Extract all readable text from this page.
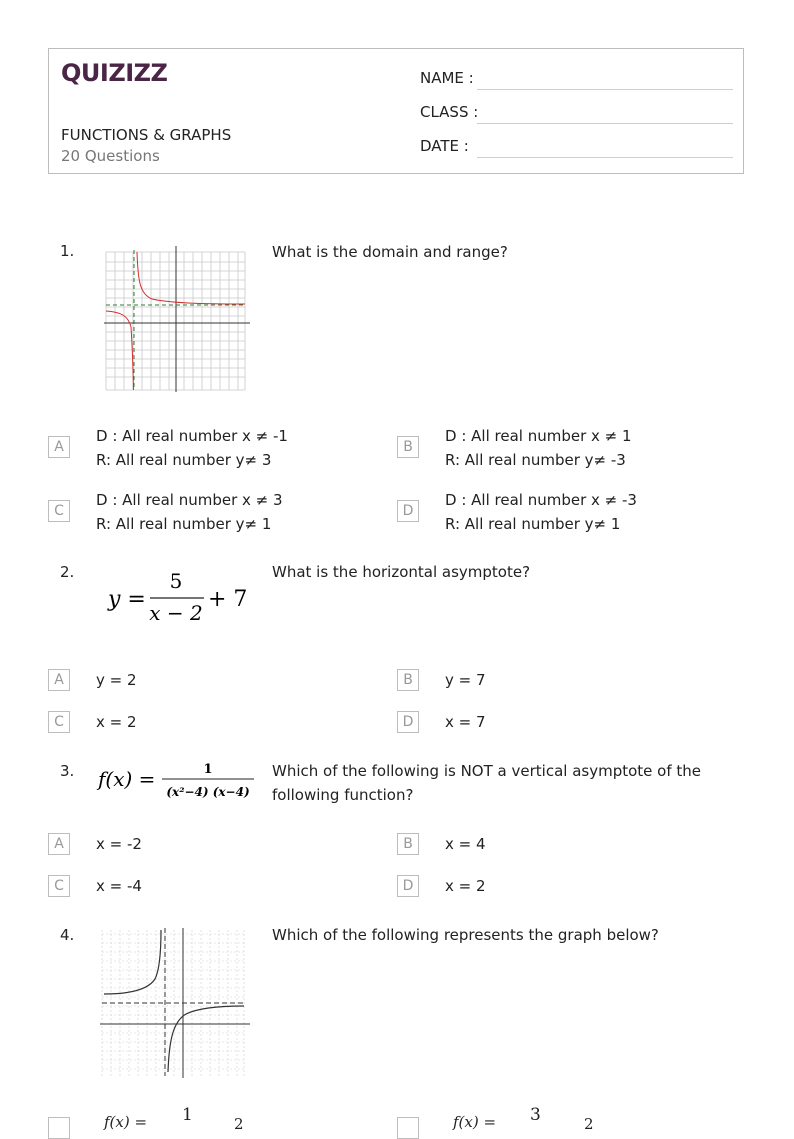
QUIZIZZ
FUNCTIONS & GRAPHS
20 Questions
NAME :
CLASS :
DATE :
1.	What is the domain and range?
A
D : All real number x ≠ -1
R: All real number y≠ 3
B
D : All real number x ≠ 1
R: All real number y≠ -3
C
D : All real number x ≠ 3
R: All real number y≠ 1
D
D : All real number x ≠ -3
R: All real number y≠ 1
2.
y =
5
x − 2
+ 7
What is the horizontal asymptote?
A	y = 2	B	y = 7
C	x = 2	D	x = 7
3. f(x) =	1
(x²−4) (x−4)
Which of the following is NOT a vertical asymptote of the following function?
A	x = -2	B	x = 4
C	x = -4	D	x = 2
4.	Which of the following represents the graph below?
f(x) = 1	2	f(x) = 3	2
